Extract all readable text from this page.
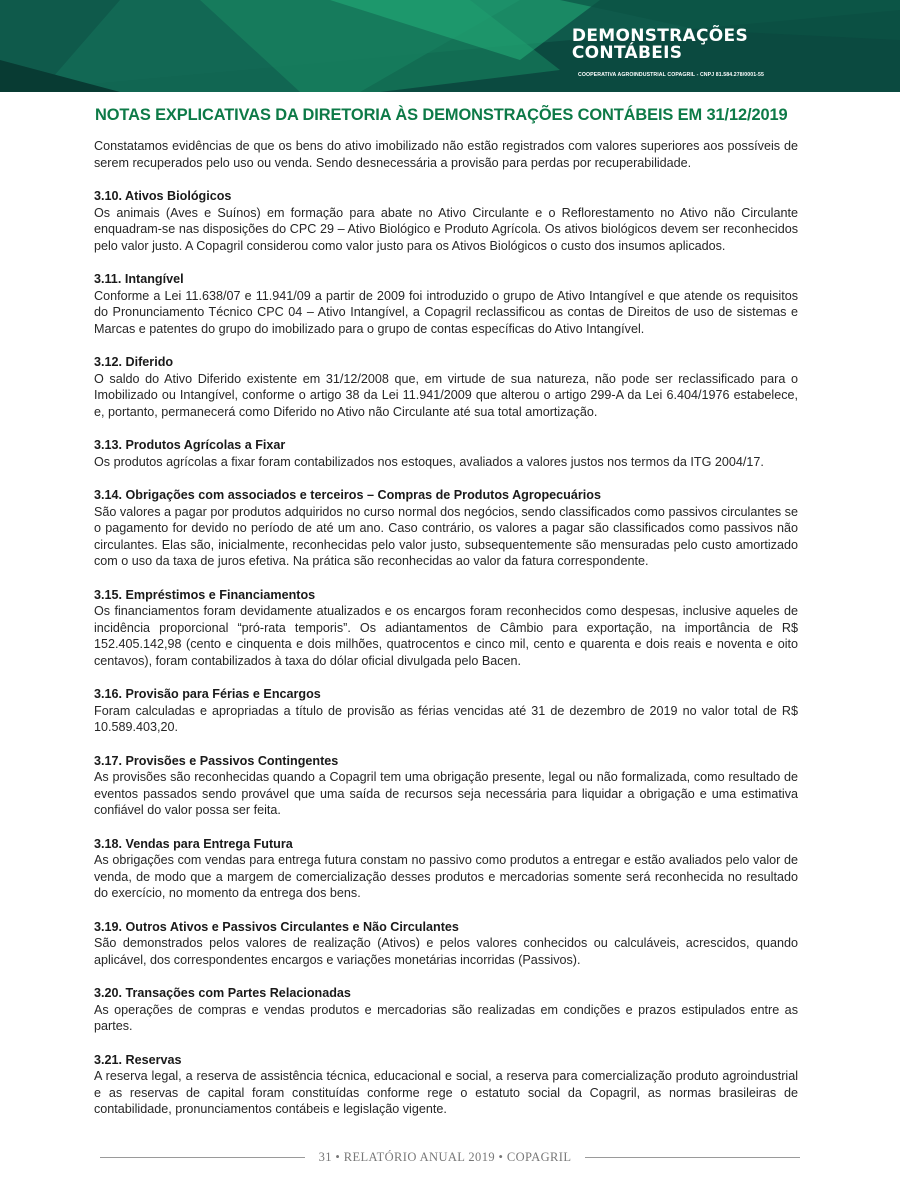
DEMONSTRAÇÕES
CONTÁBEIS
COOPERATIVA AGROINDUSTRIAL COPAGRIL - CNPJ 81.584.278/0001-55
NOTAS EXPLICATIVAS DA DIRETORIA ÀS DEMONSTRAÇÕES CONTÁBEIS EM 31/12/2019

Constatamos evidências de que os bens do ativo imobilizado não estão registrados com valores superiores aos possíveis de serem recuperados pelo uso ou venda. Sendo desnecessária a provisão para perdas por recuperabilidade.

3.10. Ativos Biológicos

Os animais (Aves e Suínos) em formação para abate no Ativo Circulante e o Reflorestamento no Ativo não Circulante enquadram-se nas disposições do CPC 29 – Ativo Biológico e Produto Agrícola. Os ativos biológicos devem ser reconhecidos pelo valor justo. A Copagril considerou como valor justo para os Ativos Biológicos o custo dos insumos aplicados.

3.11. Intangível

Conforme a Lei 11.638/07 e 11.941/09 a partir de 2009 foi introduzido o grupo de Ativo Intangível e que atende os requisitos do Pronunciamento Técnico CPC 04 – Ativo Intangível, a Copagril reclassificou as contas de Direitos de uso de sistemas e Marcas e patentes do grupo do imobilizado para o grupo de contas específicas do Ativo Intangível.

3.12. Diferido

O saldo do Ativo Diferido existente em 31/12/2008 que, em virtude de sua natureza, não pode ser reclassificado para o Imobilizado ou Intangível, conforme o artigo 38 da Lei 11.941/2009 que alterou o artigo 299-A da Lei 6.404/1976 estabelece, e, portanto, permanecerá como Diferido no Ativo não Circulante até sua total amortização.

3.13. Produtos Agrícolas a Fixar

Os produtos agrícolas a fixar foram contabilizados nos estoques, avaliados a valores justos nos termos da ITG 2004/17.

3.14. Obrigações com associados e terceiros – Compras de Produtos Agropecuários

São valores a pagar por produtos adquiridos no curso normal dos negócios, sendo classificados como passivos circulantes se o pagamento for devido no período de até um ano. Caso contrário, os valores a pagar são classificados como passivos não circulantes. Elas são, inicialmente, reconhecidas pelo valor justo, subsequentemente são mensuradas pelo custo amortizado com o uso da taxa de juros efetiva. Na prática são reconhecidas ao valor da fatura correspondente.

3.15. Empréstimos e Financiamentos

Os financiamentos foram devidamente atualizados e os encargos foram reconhecidos como despesas, inclusive aqueles de incidência proporcional “pró-rata temporis”. Os adiantamentos de Câmbio para exportação, na importância de R$ 152.405.142,98 (cento e cinquenta e dois milhões, quatrocentos e cinco mil, cento e quarenta e dois reais e noventa e oito centavos), foram contabilizados à taxa do dólar oficial divulgada pelo Bacen.

3.16. Provisão para Férias e Encargos

Foram calculadas e apropriadas a título de provisão as férias vencidas até 31 de dezembro de 2019 no valor total de R$ 10.589.403,20.

3.17. Provisões e Passivos Contingentes

As provisões são reconhecidas quando a Copagril tem uma obrigação presente, legal ou não formalizada, como resultado de eventos passados sendo provável que uma saída de recursos seja necessária para liquidar a obrigação e uma estimativa confiável do valor possa ser feita.

3.18. Vendas para Entrega Futura

As obrigações com vendas para entrega futura constam no passivo como produtos a entregar e estão avaliados pelo valor de venda, de modo que a margem de comercialização desses produtos e mercadorias somente será reconhecida no resultado do exercício, no momento da entrega dos bens.

3.19. Outros Ativos e Passivos Circulantes e Não Circulantes

São demonstrados pelos valores de realização (Ativos) e pelos valores conhecidos ou calculáveis, acrescidos, quando aplicável, dos correspondentes encargos e variações monetárias incorridas (Passivos).

3.20. Transações com Partes Relacionadas

As operações de compras e vendas produtos e mercadorias são realizadas em condições e prazos estipulados entre as partes.

3.21. Reservas

A reserva legal, a reserva de assistência técnica, educacional e social, a reserva para comercialização produto agroindustrial e as reservas de capital foram constituídas conforme rege o estatuto social da Copagril, as normas brasileiras de contabilidade, pronunciamentos contábeis e legislação vigente.

31 • RELATÓRIO ANUAL 2019 • COPAGRIL
